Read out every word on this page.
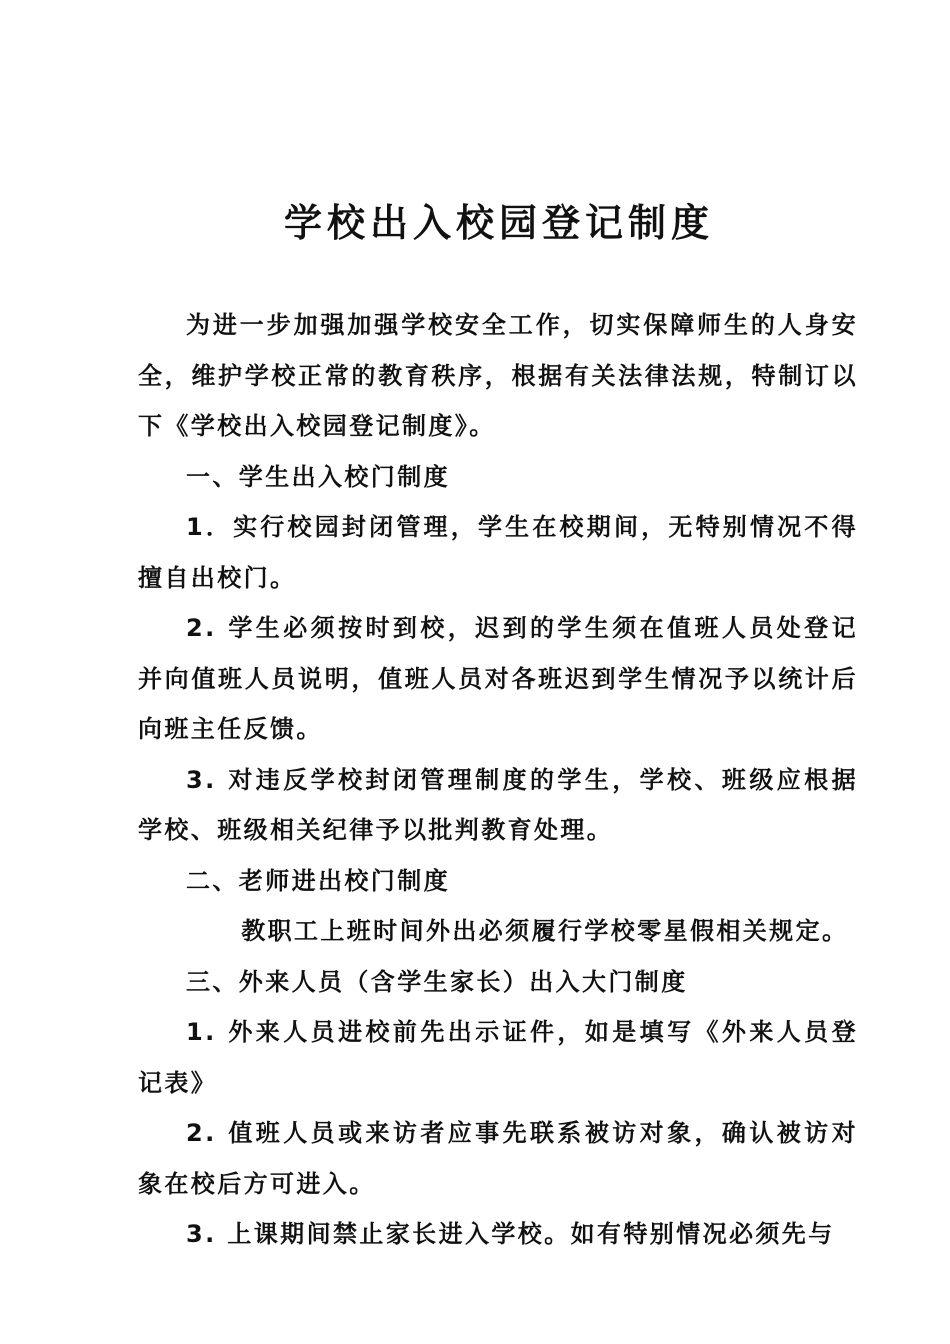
学校出入校园登记制度

为进一步加强加强学校安全工作，切实保障师生的人身安全，维护学校正常的教育秩序，根据有关法律法规，特制订以下《学校出入校园登记制度》。

一、学生出入校门制度

1．实行校园封闭管理，学生在校期间，无特别情况不得擅自出校门。

2. 学生必须按时到校，迟到的学生须在值班人员处登记并向值班人员说明，值班人员对各班迟到学生情况予以统计后向班主任反馈。

3. 对违反学校封闭管理制度的学生，学校、班级应根据学校、班级相关纪律予以批判教育处理。

二、老师进出校门制度

教职工上班时间外出必须履行学校零星假相关规定。

三、外来人员（含学生家长）出入大门制度

1. 外来人员进校前先出示证件，如是填写《外来人员登记表》

2. 值班人员或来访者应事先联系被访对象，确认被访对象在校后方可进入。

3. 上课期间禁止家长进入学校。如有特别情况必须先与
